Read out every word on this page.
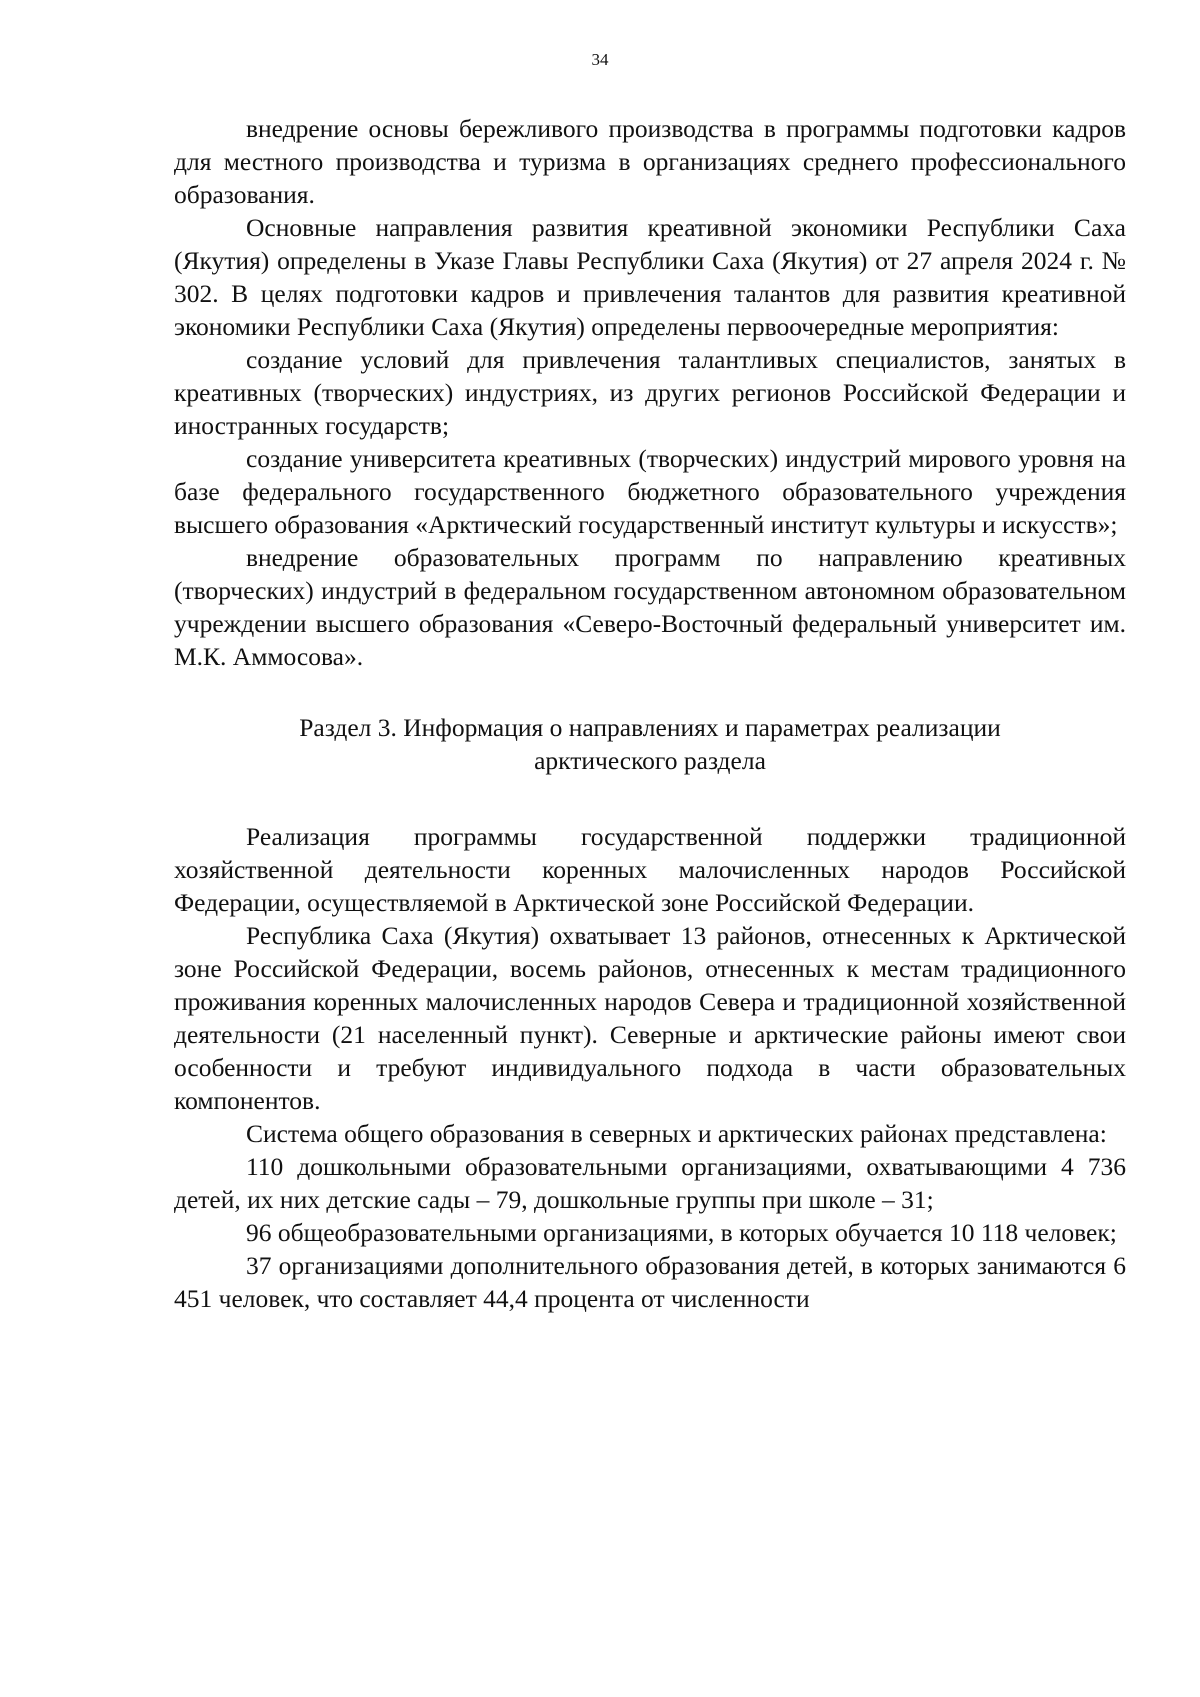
34

внедрение основы бережливого производства в программы подготовки кадров для местного производства и туризма в организациях среднего профессионального образования.

Основные направления развития креативной экономики Республики Саха (Якутия) определены в Указе Главы Республики Саха (Якутия) от 27 апреля 2024 г. № 302. В целях подготовки кадров и привлечения талантов для развития креативной экономики Республики Саха (Якутия) определены первоочередные мероприятия:

создание условий для привлечения талантливых специалистов, занятых в креативных (творческих) индустриях, из других регионов Российской Федерации и иностранных государств;

создание университета креативных (творческих) индустрий мирового уровня на базе федерального государственного бюджетного образовательного учреждения высшего образования «Арктический государственный институт культуры и искусств»;

внедрение образовательных программ по направлению креативных (творческих) индустрий в федеральном государственном автономном образовательном учреждении высшего образования «Северо-Восточный федеральный университет им. М.К. Аммосова».

Раздел 3. Информация о направлениях и параметрах реализации
арктического раздела

Реализация программы государственной поддержки традиционной хозяйственной деятельности коренных малочисленных народов Российской Федерации, осуществляемой в Арктической зоне Российской Федерации.

Республика Саха (Якутия) охватывает 13 районов, отнесенных к Арктической зоне Российской Федерации, восемь районов, отнесенных к местам традиционного проживания коренных малочисленных народов Севера и традиционной хозяйственной деятельности (21 населенный пункт). Северные и арктические районы имеют свои особенности и требуют индивидуального подхода в части образовательных компонентов.

Система общего образования в северных и арктических районах представлена:

110 дошкольными образовательными организациями, охватывающими 4 736 детей, их них детские сады – 79, дошкольные группы при школе – 31;

96 общеобразовательными организациями, в которых обучается 10 118 человек;

37 организациями дополнительного образования детей, в которых занимаются 6 451 человек, что составляет 44,4 процента от численности
